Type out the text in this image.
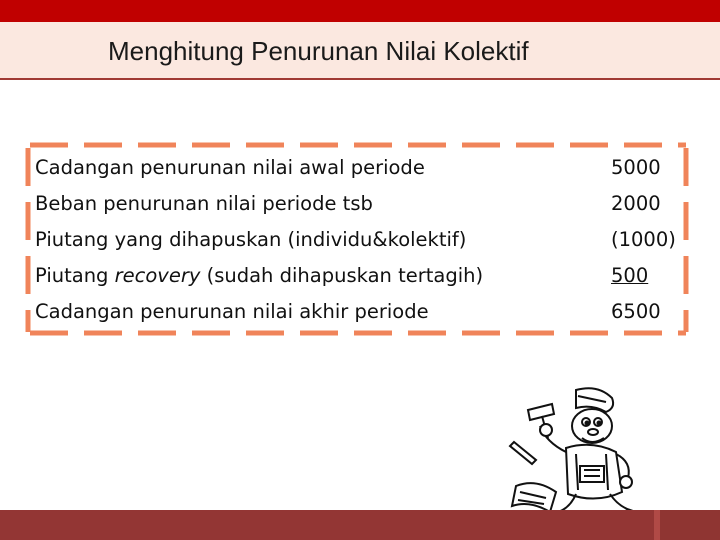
Menghitung Penurunan Nilai Kolektif
Cadangan penurunan nilai awal periode
Beban penurunan nilai periode tsb
Piutang yang dihapuskan (individu&kolektif)
Piutang recovery (sudah dihapuskan tertagih)
Cadangan penurunan nilai akhir periode
5000
2000
(1000)
500
6500
